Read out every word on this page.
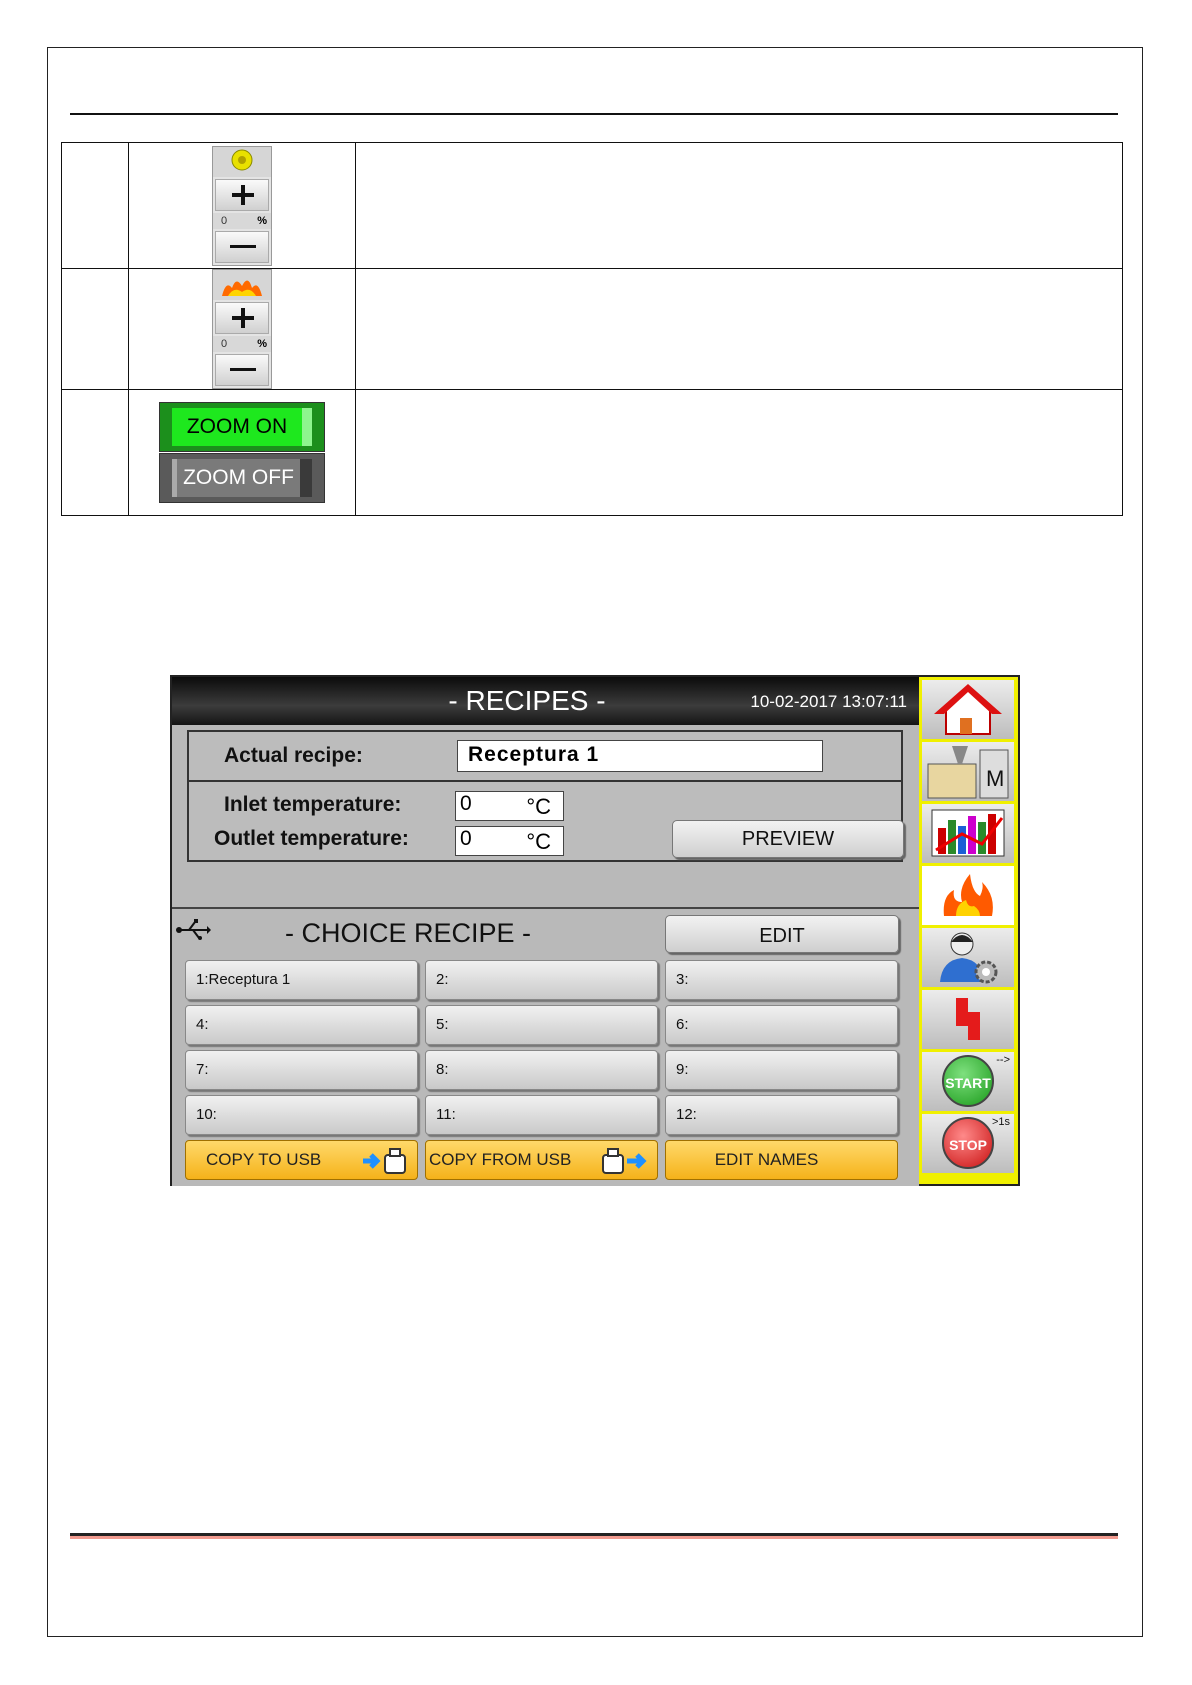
	0 %	

	0 %	

	ZOOM ON
ZOOM OFF	

- RECIPES -	10-02-2017 13:07:11
Actual recipe:	Receptura 1
Inlet temperature:	0 °C
Outlet temperature: 0 °C	PREVIEW
- CHOICE RECIPE -	EDIT
1:Receptura 1	2:	3:
4:	5:	6:
7:	8:	9:
10:	11:	12:
COPY TO USB	COPY FROM USB	EDIT NAMES
M
START
-->
STOP
>1s
